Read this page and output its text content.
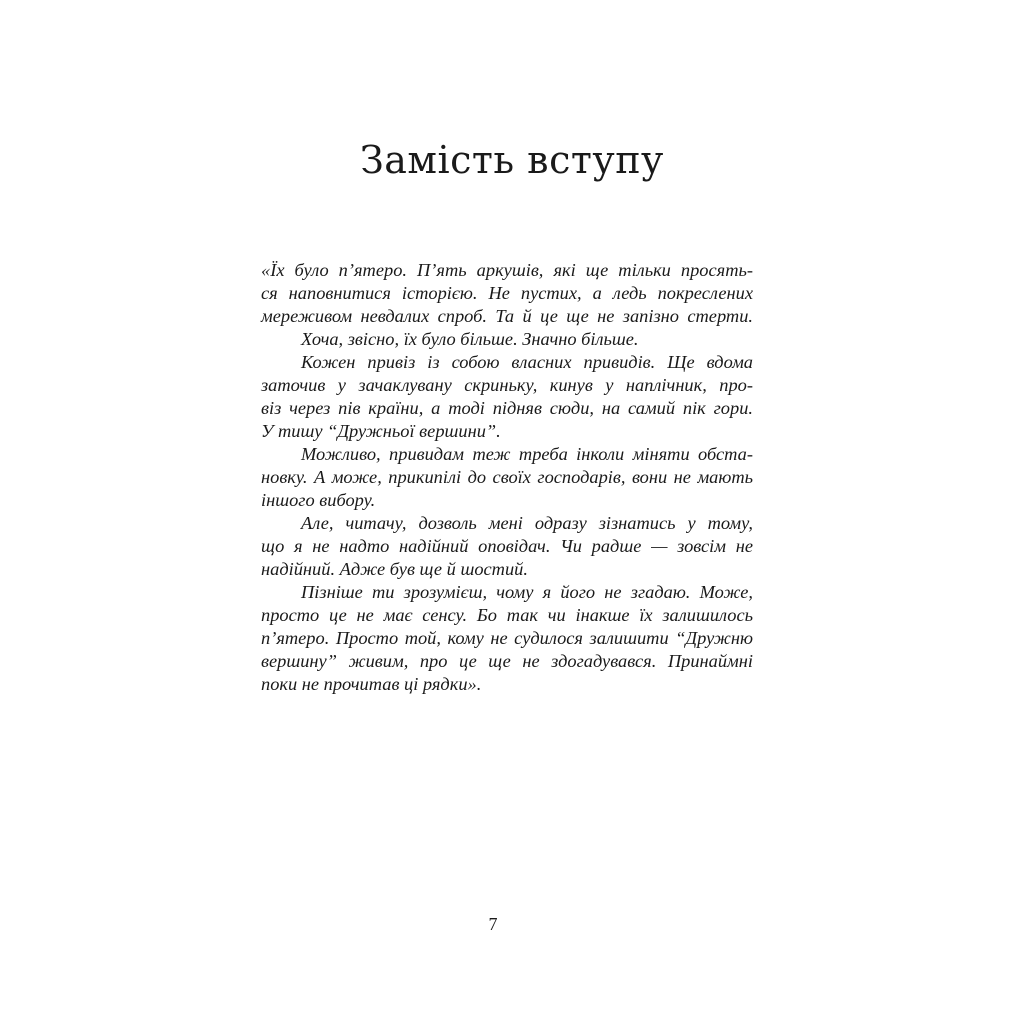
Замість вступу
«Їх було п’ятеро. П’ять аркушів, які ще тільки просять-
ся наповнитися історією. Не пустих, а ледь покреслених
мереживом невдалих спроб. Та й це ще не запізно стерти.
Хоча, звісно, їх було більше. Значно більше.
Кожен привіз із собою власних привидів. Ще вдома
заточив у зачаклувану скриньку, кинув у наплічник, про-
віз через пів країни, а тоді підняв сюди, на самий пік гори.
У тишу “Дружньої вершини”.
Можливо, привидам теж треба інколи міняти обста-
новку. А може, прикипілі до своїх господарів, вони не мають
іншого вибору.
Але, читачу, дозволь мені одразу зізнатись у тому,
що я не надто надійний оповідач. Чи радше — зовсім не
надійний. Адже був ще й шостий.
Пізніше ти зрозумієш, чому я його не згадаю. Може,
просто це не має сенсу. Бо так чи інакше їх залишилось
п’ятеро. Просто той, кому не судилося залишити “Дружню
вершину” живим, про це ще не здогадувався. Принаймні
поки не прочитав ці рядки».
7
